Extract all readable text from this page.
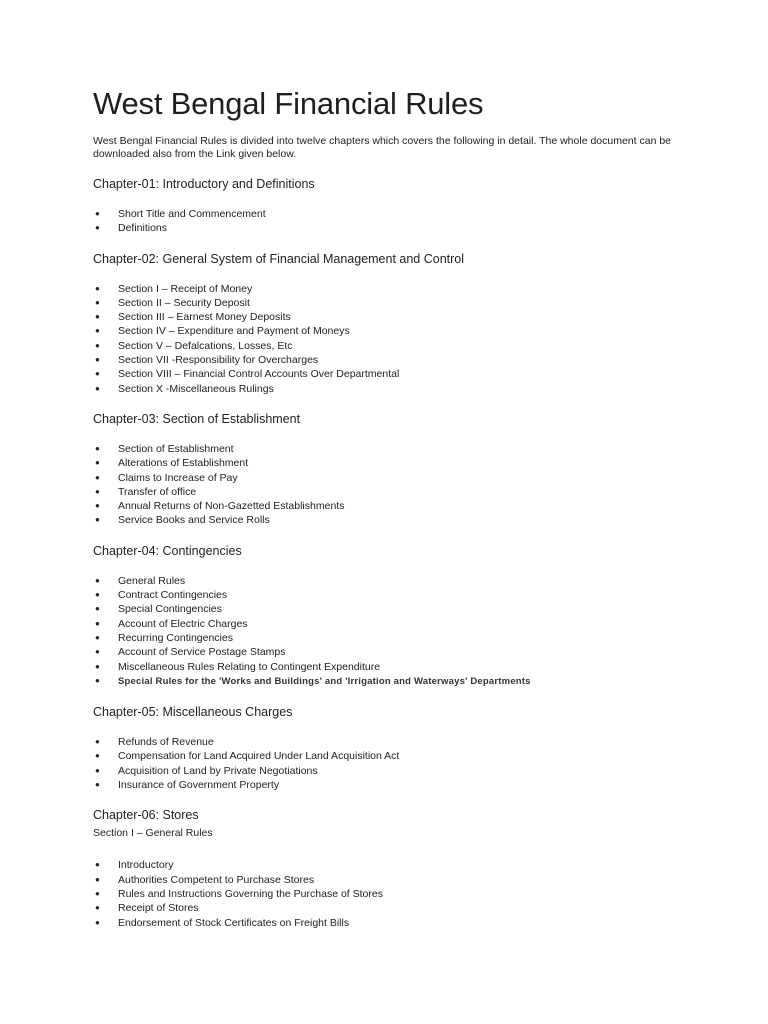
West Bengal Financial Rules

West Bengal Financial Rules is divided into twelve chapters which covers the following in detail. The whole document can be downloaded also from the Link given below.

Chapter-01: Introductory and Definitions
● Short Title and Commencement
● Definitions
Chapter-02: General System of Financial Management and Control
● Section I – Receipt of Money
● Section II – Security Deposit
● Section III – Earnest Money Deposits
● Section IV – Expenditure and Payment of Moneys
● Section V – Defalcations, Losses, Etc
● Section VII -Responsibility for Overcharges
● Section VIII – Financial Control Accounts Over Departmental
● Section X -Miscellaneous Rulings
Chapter-03: Section of Establishment
● Section of Establishment
● Alterations of Establishment
● Claims to Increase of Pay
● Transfer of office
● Annual Returns of Non-Gazetted Establishments
● Service Books and Service Rolls
Chapter-04: Contingencies
● General Rules
● Contract Contingencies
● Special Contingencies
● Account of Electric Charges
● Recurring Contingencies
● Account of Service Postage Stamps
● Miscellaneous Rules Relating to Contingent Expenditure
● Special Rules for the 'Works and Buildings' and 'Irrigation and Waterways' Departments
Chapter-05: Miscellaneous Charges
● Refunds of Revenue
● Compensation for Land Acquired Under Land Acquisition Act
● Acquisition of Land by Private Negotiations
● Insurance of Government Property
Chapter-06: Stores

Section I – General Rules

● Introductory
● Authorities Competent to Purchase Stores
● Rules and Instructions Governing the Purchase of Stores
● Receipt of Stores
● Endorsement of Stock Certificates on Freight Bills
